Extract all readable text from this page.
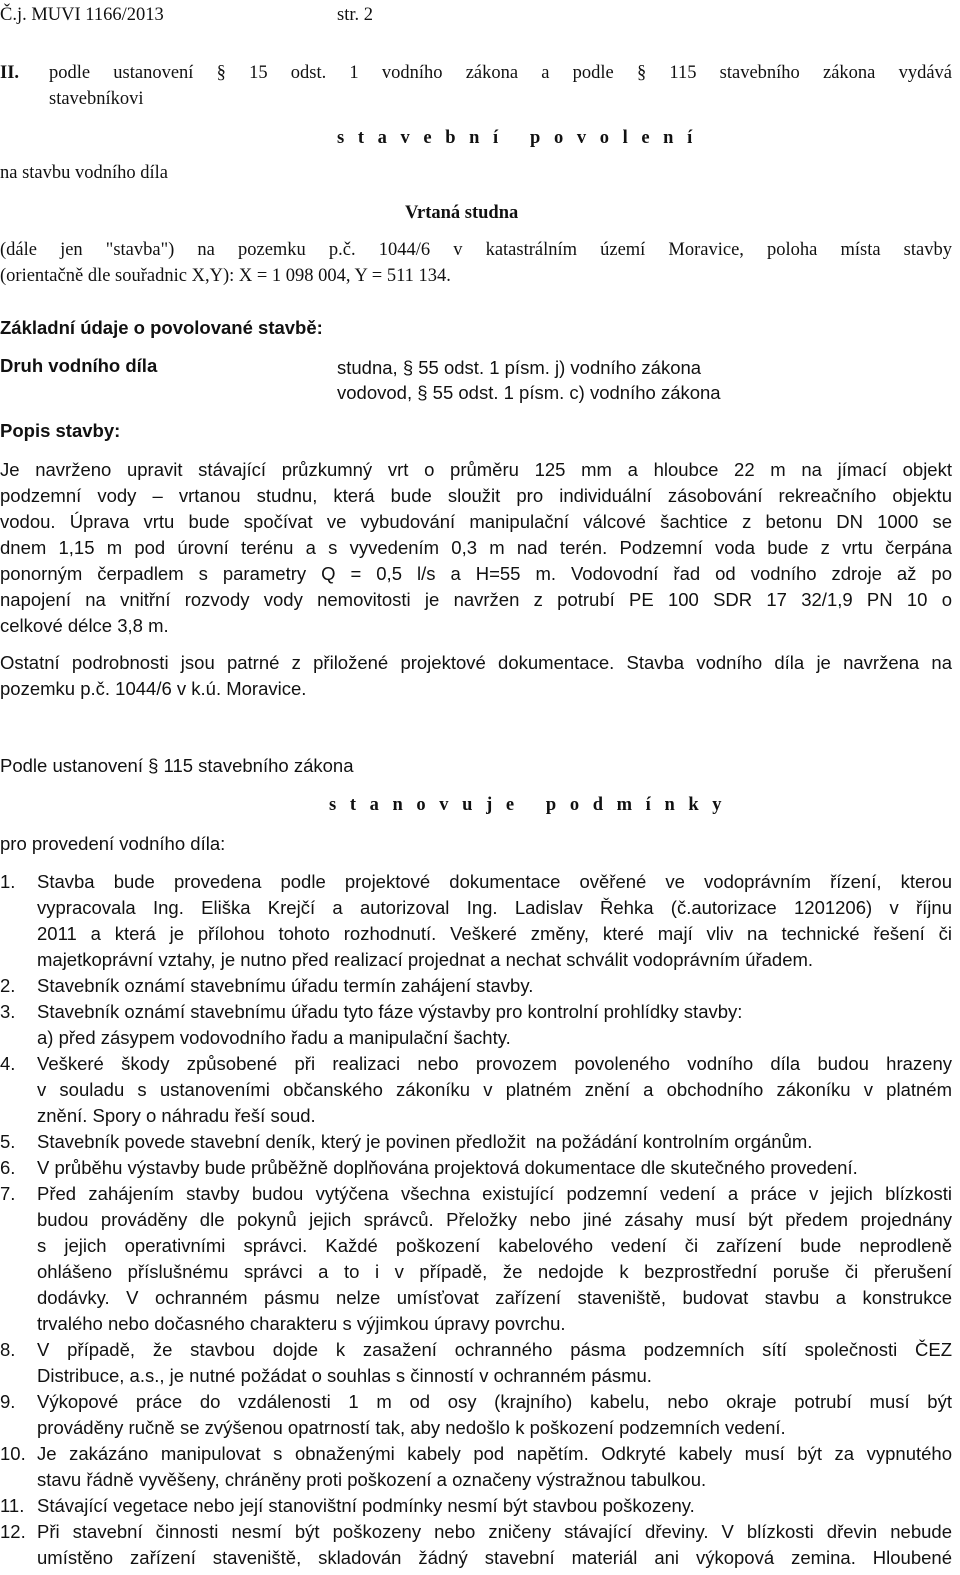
Č.j. MUVI 1166/2013	str. 2
II. podle ustanovení § 15 odst. 1 vodního zákona a podle § 115 stavebního zákona vydává
stavebníkovi
s t a v e b n í   p o v o l e n í
na stavbu vodního díla
Vrtaná studna
(dále jen "stavba") na pozemku p.č. 1044/6 v katastrálním území Moravice, poloha místa stavby
(orientačně dle souřadnic X,Y): X = 1 098 004, Y = 511 134.
Základní údaje o povolované stavbě:
Druh vodního díla	studna, § 55 odst. 1 písm. j) vodního zákona
vodovod, § 55 odst. 1 písm. c) vodního zákona
Popis stavby:
Je navrženo upravit stávající průzkumný vrt o průměru 125 mm a hloubce 22 m na jímací objekt
podzemní vody – vrtanou studnu, která bude sloužit pro individuální zásobování rekreačního objektu
vodou. Úprava vrtu bude spočívat ve vybudování manipulační válcové šachtice z betonu DN 1000 se
dnem 1,15 m pod úrovní terénu a s vyvedením 0,3 m nad terén. Podzemní voda bude z vrtu čerpána
ponorným čerpadlem s parametry Q = 0,5 l/s a H=55 m. Vodovodní řad od vodního zdroje až po
napojení na vnitřní rozvody vody nemovitosti je navržen z potrubí PE 100 SDR 17 32/1,9 PN 10 o
celkové délce 3,8 m.
Ostatní podrobnosti jsou patrné z přiložené projektové dokumentace. Stavba vodního díla je navržena na
pozemku p.č. 1044/6 v k.ú. Moravice.
Podle ustanovení § 115 stavebního zákona
s t a n o v u j e   p o d m í n k y
pro provedení vodního díla:
1.	Stavba bude provedena podle projektové dokumentace ověřené ve vodoprávním řízení, kterou
vypracovala Ing. Eliška Krejčí a autorizoval Ing. Ladislav Řehka (č.autorizace 1201206) v říjnu
2011 a která je přílohou tohoto rozhodnutí. Veškeré změny, které mají vliv na technické řešení či
majetkoprávní vztahy, je nutno před realizací projednat a nechat schválit vodoprávním úřadem.
2.	Stavebník oznámí stavebnímu úřadu termín zahájení stavby.
3.	Stavebník oznámí stavebnímu úřadu tyto fáze výstavby pro kontrolní prohlídky stavby:
a) před zásypem vodovodního řadu a manipulační šachty.
4.	Veškeré škody způsobené při realizaci nebo provozem povoleného vodního díla budou hrazeny
v souladu s ustanoveními občanského zákoníku v platném znění a obchodního zákoníku v platném
znění. Spory o náhradu řeší soud.
5.	Stavebník povede stavební deník, který je povinen předložit  na požádání kontrolním orgánům.
6.	V průběhu výstavby bude průběžně doplňována projektová dokumentace dle skutečného provedení.
7.	Před zahájením stavby budou vytýčena všechna existující podzemní vedení a práce v jejich blízkosti
budou prováděny dle pokynů jejich správců. Přeložky nebo jiné zásahy musí být předem projednány
s jejich operativními správci. Každé poškození kabelového vedení či zařízení bude neprodleně
ohlášeno příslušnému správci a to i v případě, že nedojde k bezprostřední poruše či přerušení
dodávky. V ochranném pásmu nelze umísťovat zařízení staveniště, budovat stavbu a konstrukce
trvalého nebo dočasného charakteru s výjimkou úpravy povrchu.
8.	V případě, že stavbou dojde k zasažení ochranného pásma podzemních sítí společnosti ČEZ
Distribuce, a.s., je nutné požádat o souhlas s činností v ochranném pásmu.
9.	Výkopové práce do vzdálenosti 1 m od osy (krajního) kabelu, nebo okraje potrubí musí být
prováděny ručně se zvýšenou opatrností tak, aby nedošlo k poškození podzemních vedení.
10. Je zakázáno manipulovat s obnaženými kabely pod napětím. Odkryté kabely musí být za vypnutého
stavu řádně vyvěšeny, chráněny proti poškození a označeny výstražnou tabulkou.
11. Stávající vegetace nebo její stanovištní podmínky nesmí být stavbou poškozeny.
12. Při stavební činnosti nesmí být poškozeny nebo zničeny stávající dřeviny. V blízkosti dřevin nebude
umístěno zařízení staveniště, skladován žádný stavební materiál ani výkopová zemina. Hloubené
